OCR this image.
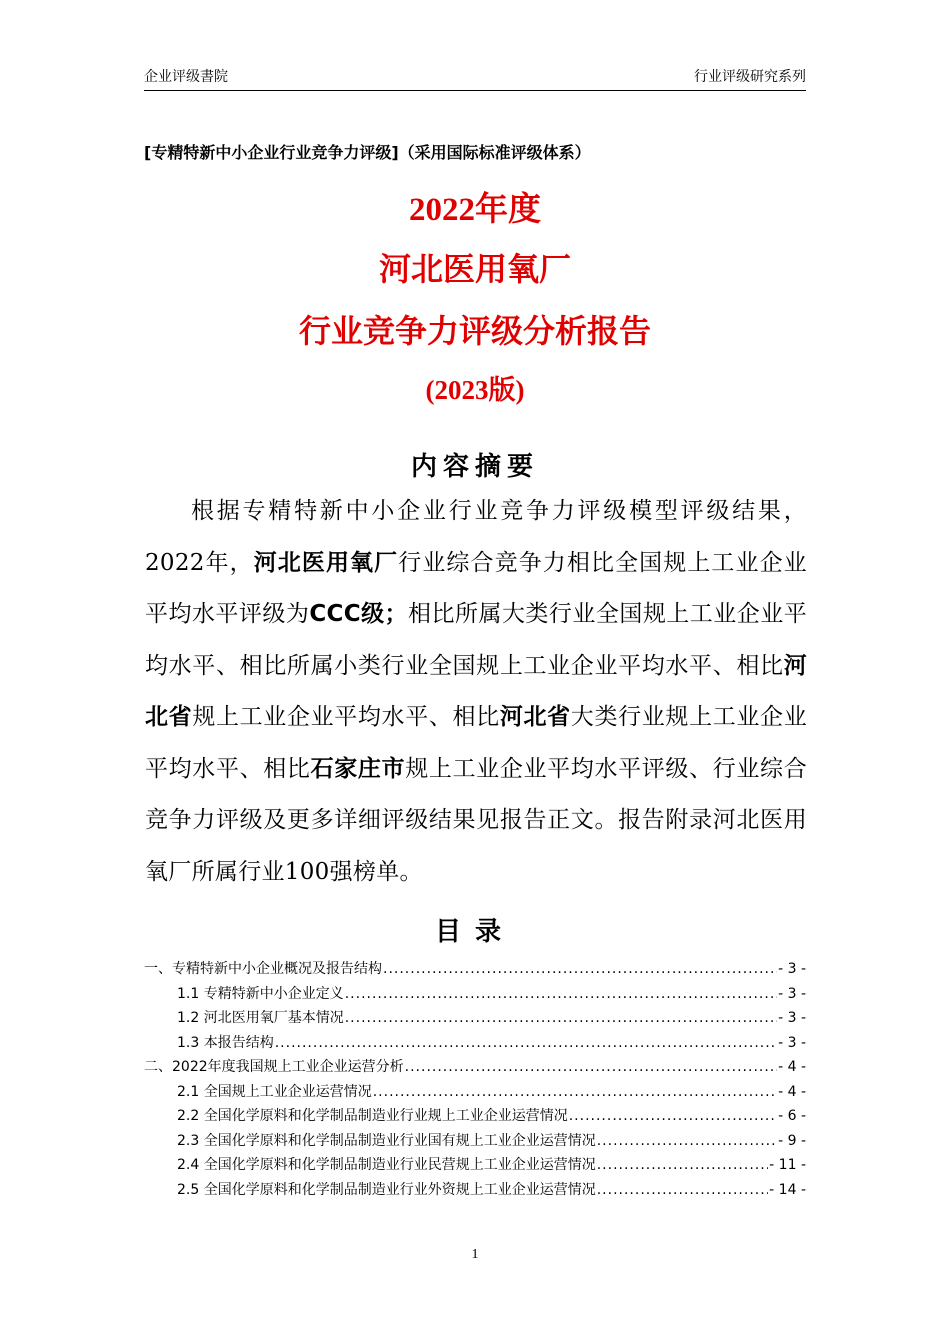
企业评级書院	行业评级研究系列
[专精特新中小企业行业竞争力评级]（采用国际标准评级体系）
2022年度
河北医用氧厂
行业竞争力评级分析报告
(2023版)
内容摘要
根据专精特新中小企业行业竞争力评级模型评级结果，2022年，河北医用氧厂行业综合竞争力相比全国规上工业企业平均水平评级为CCC级；相比所属大类行业全国规上工业企业平均水平、相比所属小类行业全国规上工业企业平均水平、相比河北省规上工业企业平均水平、相比河北省大类行业规上工业企业平均水平、相比石家庄市规上工业企业平均水平评级、行业综合竞争力评级及更多详细评级结果见报告正文。报告附录河北医用氧厂所属行业100强榜单。
目录
一、专精特新中小企业概况及报告结构 .....	- 3 -
1.1 专精特新中小企业定义 .....	- 3 -
1.2 河北医用氧厂基本情况 .....	- 3 -
1.3 本报告结构 .....	- 3 -
二、2022年度我国规上工业企业运营分析 .....	- 4 -
2.1 全国规上工业企业运营情况 .....	- 4 -
2.2 全国化学原料和化学制品制造业行业规上工业企业运营情况 .....	- 6 -
2.3 全国化学原料和化学制品制造业行业国有规上工业企业运营情况 .....	- 9 -
2.4 全国化学原料和化学制品制造业行业民营规上工业企业运营情况 .....	- 11 -
2.5 全国化学原料和化学制品制造业行业外资规上工业企业运营情况 .....	- 14 -
1
